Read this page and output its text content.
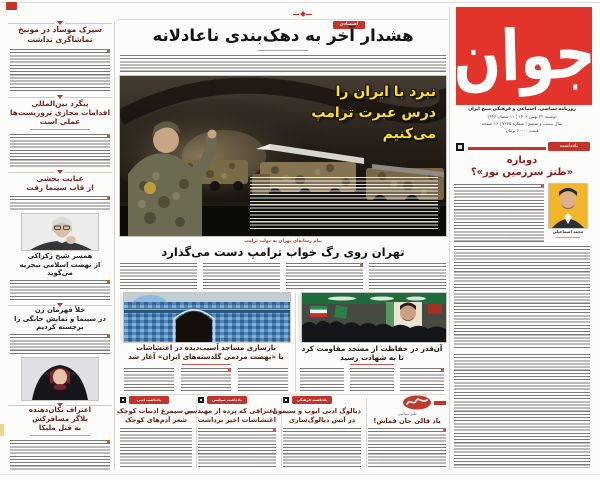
جوان
روزنامه سیاسی، اجتماعی و فرهنگی صبح ایران
دوشنبه ۲۲ بهمن ۱۴۰۳ | ۱۱ شعبان ۱۴۴۶
سال بیست و ششم | شماره ۷۳۶۵ | ۱۶ صفحه
قیمت: ۶۰۰۰ تومان
یادداشت
دوباره
«طنز سرزمین نور»؟
محمد اسماعیلی
اقتصادی
هشدار آخر به دهک‌بندی ناعادلانه
نبرد با ایران را
درس عبرت ترامپ
می‌کنیم
پیام رسانه‌ای تهران به دولت ترامپ
تهران روی رگ خواب ترامپ دست می‌گذارد
بازسازی مساجد آسیب‌دیده در اغتشاشات
با «نهضت مردمی گلدسته‌های ایران» آغاز شد
آن‌قدر در حفاظت از مسجد مقاومت کرد
تا به شهادت رسید
طنز سیاسی
یاد قالی جان قماش!
یادداشت فرهنگی
دیالوگ ادبی ایوب و سیمون
در آتش دیالوگ‌سازی
یادداشت سیاسی
اعترافی که پرده از مهندسی
اغتشاشات اخیر برداشت
یادداشت ادبی
پر سیمرغ ادبیات کوچک
شعر آدم‌های کوچک
سیرک موساد در مونیخ
تماشاگری نداشت
پیگرد بین‌المللی
اقدامات مجازی تروریست‌ها
عملی است
عنایت بخشی
از قاب سینما رفت
همسر شیخ زکزاکی
از نهضت اسلامی نیجریه
می‌گوید
خلأ قهرمان زن
در سینما و نمایش خانگی را
برجسته کردیم
اعتراف تکان‌دهنده
بلاگر مسافرکش
به قتل ملیکا
